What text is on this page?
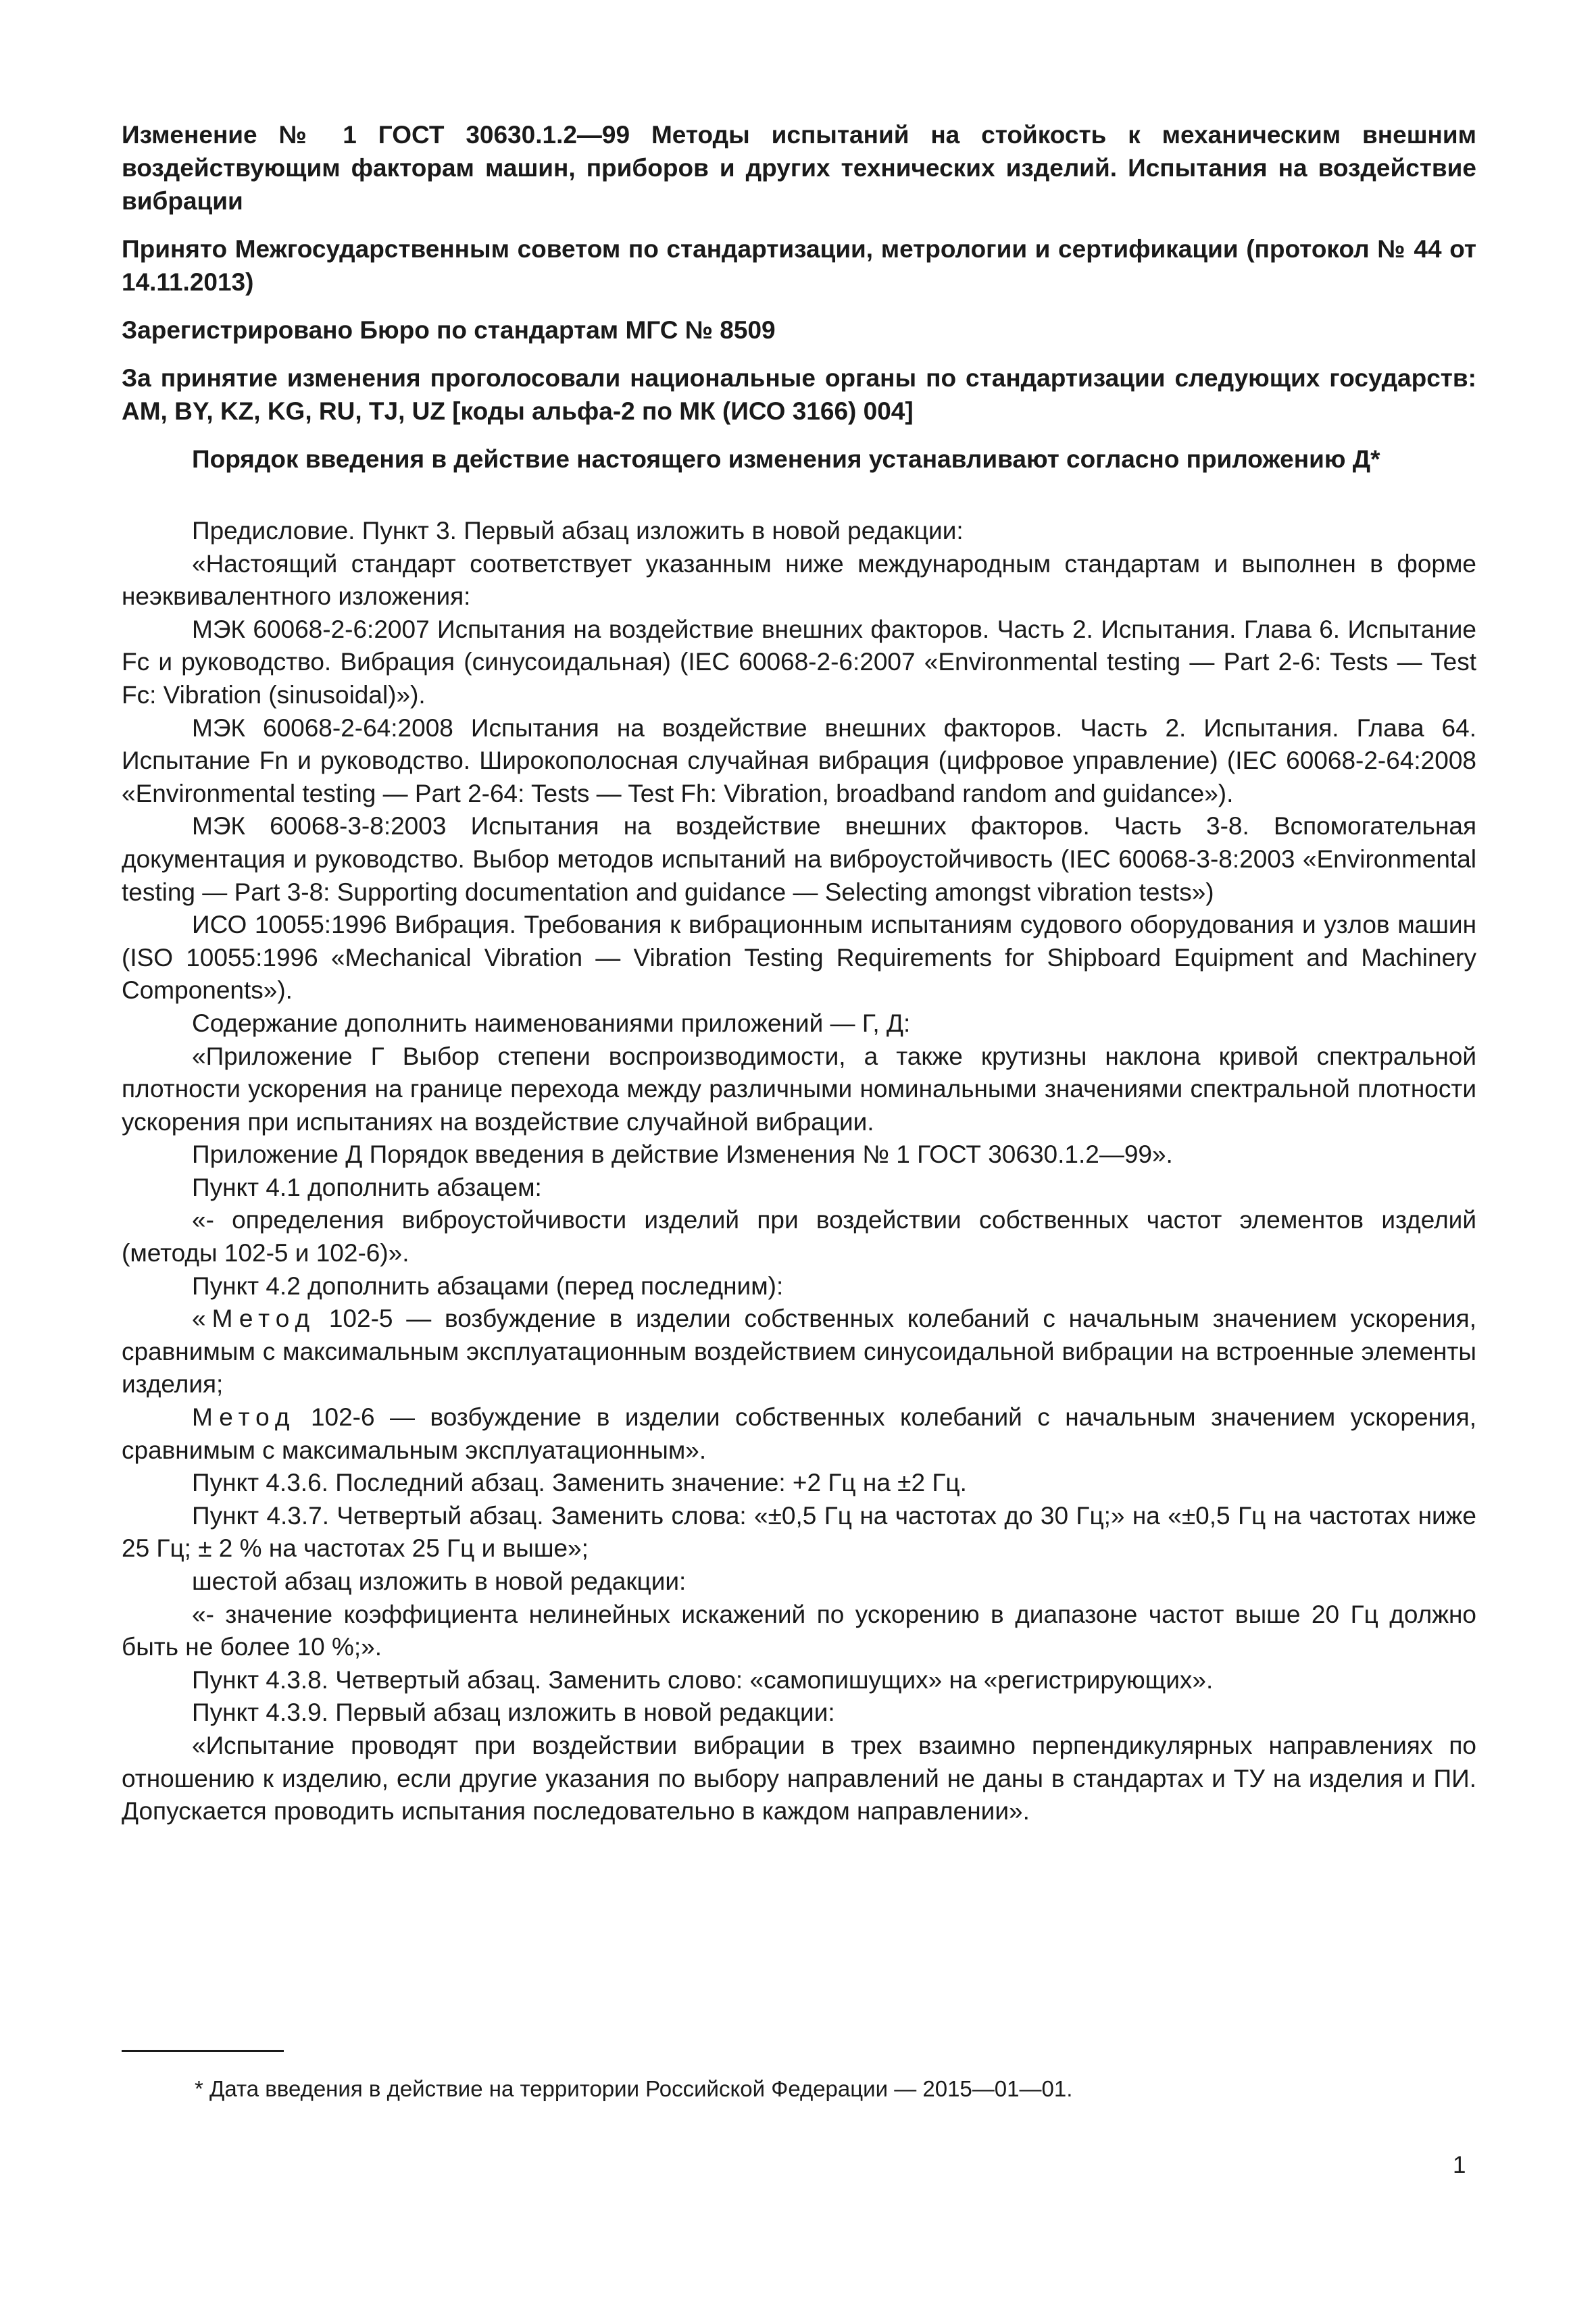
Изменение № 1 ГОСТ 30630.1.2—99 Методы испытаний на стойкость к механическим внешним воздействующим факторам машин, приборов и других технических изделий. Испытания на воздействие вибрации
Принято Межгосударственным советом по стандартизации, метрологии и сертификации (протокол № 44 от 14.11.2013)
Зарегистрировано Бюро по стандартам МГС № 8509
За принятие изменения проголосовали национальные органы по стандартизации следующих государств: AM, BY, KZ, KG, RU, TJ, UZ [коды альфа-2 по МК (ИСО 3166) 004]
Порядок введения в действие настоящего изменения устанавливают согласно приложению Д*

Предисловие. Пункт 3. Первый абзац изложить в новой редакции:

«Настоящий стандарт соответствует указанным ниже международным стандартам и выполнен в форме неэквивалентного изложения:

МЭК 60068-2-6:2007 Испытания на воздействие внешних факторов. Часть 2. Испытания. Глава 6. Испытание Fc и руководство. Вибрация (синусоидальная) (IEC 60068-2-6:2007 «Environmental testing — Part 2-6: Tests — Test Fc: Vibration (sinusoidal)»).

МЭК 60068-2-64:2008 Испытания на воздействие внешних факторов. Часть 2. Испытания. Глава 64. Испытание Fn и руководство. Широкополосная случайная вибрация (цифровое управление) (IEC 60068-2-64:2008 «Environmental testing — Part 2-64: Tests — Test Fh: Vibration, broadband random and guidance»).

МЭК 60068-3-8:2003 Испытания на воздействие внешних факторов. Часть 3-8. Вспомогательная документация и руководство. Выбор методов испытаний на виброустойчивость (IEC 60068-3-8:2003 «Environmental testing — Part 3-8: Supporting documentation and guidance — Selecting amongst vibration tests»)

ИСО 10055:1996 Вибрация. Требования к вибрационным испытаниям судового оборудования и узлов машин (ISO 10055:1996 «Mechanical Vibration — Vibration Testing Requirements for Shipboard Equipment and Machinery Components»).

Содержание дополнить наименованиями приложений — Г, Д:

«Приложение Г Выбор степени воспроизводимости, а также крутизны наклона кривой спектральной плотности ускорения на границе перехода между различными номинальными значениями спектральной плотности ускорения при испытаниях на воздействие случайной вибрации.

Приложение Д Порядок введения в действие Изменения № 1 ГОСТ 30630.1.2—99».

Пункт 4.1 дополнить абзацем:

«- определения виброустойчивости изделий при воздействии собственных частот элементов изделий (методы 102-5 и 102-6)».

Пункт 4.2 дополнить абзацами (перед последним):

«Метод 102-5 — возбуждение в изделии собственных колебаний с начальным значением ускорения, сравнимым с максимальным эксплуатационным воздействием синусоидальной вибрации на встроенные элементы изделия;

Метод 102-6 — возбуждение в изделии собственных колебаний с начальным значением ускорения, сравнимым с максимальным эксплуатационным».

Пункт 4.3.6. Последний абзац. Заменить значение: +2 Гц на ±2 Гц.

Пункт 4.3.7. Четвертый абзац. Заменить слова: «±0,5 Гц на частотах до 30 Гц;» на «±0,5 Гц на частотах ниже 25 Гц; ± 2 % на частотах 25 Гц и выше»;

шестой абзац изложить в новой редакции:

«- значение коэффициента нелинейных искажений по ускорению в диапазоне частот выше 20 Гц должно быть не более 10 %;».

Пункт 4.3.8. Четвертый абзац. Заменить слово: «самопишущих» на «регистрирующих».

Пункт 4.3.9. Первый абзац изложить в новой редакции:

«Испытание проводят при воздействии вибрации в трех взаимно перпендикулярных направлениях по отношению к изделию, если другие указания по выбору направлений не даны в стандартах и ТУ на изделия и ПИ. Допускается проводить испытания последовательно в каждом направлении».

* Дата введения в действие на территории Российской Федерации — 2015—01—01.
1
